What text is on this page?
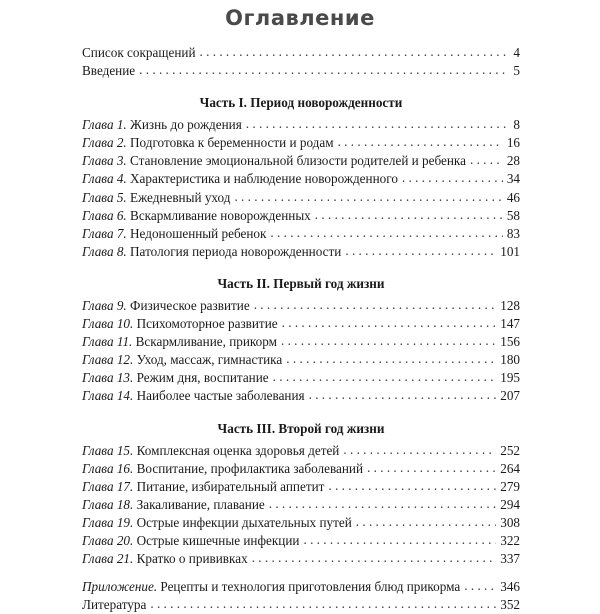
Оглавление
Список сокращений . . .	4
Введение . . .	5
Часть I. Период новорожденности
Глава 1. Жизнь до рождения . . .	8
Глава 2. Подготовка к беременности и родам . . .	16
Глава 3. Становление эмоциональной близости родителей и ребенка . . .	28
Глава 4. Характеристика и наблюдение новорожденного . . .	34
Глава 5. Ежедневный уход . . .	46
Глава 6. Вскармливание новорожденных . . .	58
Глава 7. Недоношенный ребенок . . .	83
Глава 8. Патология периода новорожденности . . .	101
Часть II. Первый год жизни
Глава 9. Физическое развитие . . .	128
Глава 10. Психомоторное развитие . . .	147
Глава 11. Вскармливание, прикорм . . .	156
Глава 12. Уход, массаж, гимнастика . . .	180
Глава 13. Режим дня, воспитание . . .	195
Глава 14. Наиболее частые заболевания . . .	207
Часть III. Второй год жизни
Глава 15. Комплексная оценка здоровья детей . . .	252
Глава 16. Воспитание, профилактика заболеваний . . .	264
Глава 17. Питание, избирательный аппетит . . .	279
Глава 18. Закаливание, плавание . . .	294
Глава 19. Острые инфекции дыхательных путей . . .	308
Глава 20. Острые кишечные инфекции . . .	322
Глава 21. Кратко о прививках . . .	337
Приложение. Рецепты и технология приготовления блюд прикорма . . .	346
Литература . . .	352
